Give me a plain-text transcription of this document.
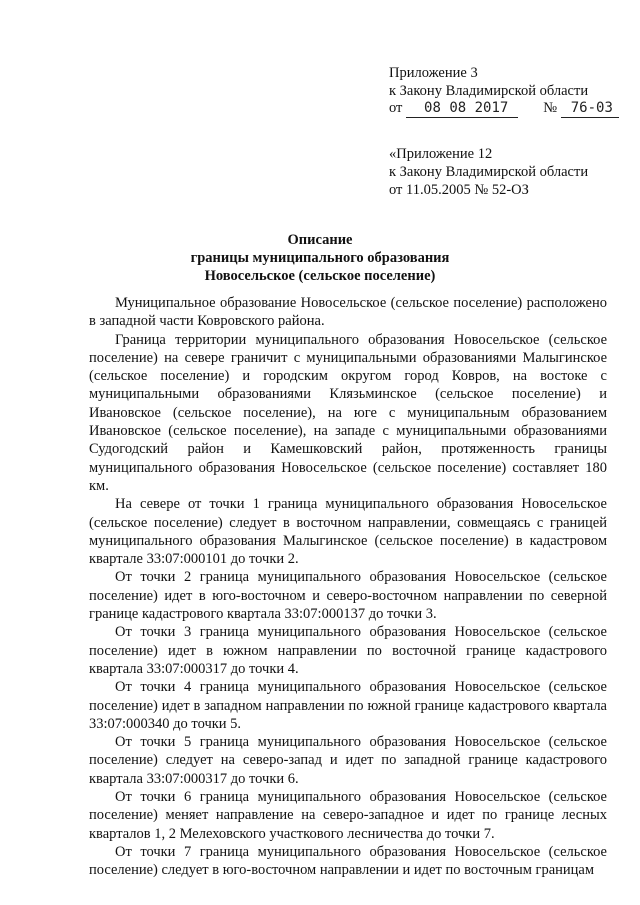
Приложение 3
к Закону Владимирской области
от 08 08 2017 № 76-03
«Приложение 12
к Закону Владимирской области
от 11.05.2005 № 52-ОЗ
Описание
границы муниципального образования
Новосельское (сельское поселение)

Муниципальное образование Новосельское (сельское поселение) расположено в западной части Ковровского района.

Граница территории муниципального образования Новосельское (сельское поселение) на севере граничит с муниципальными образованиями Малыгинское (сельское поселение) и городским округом город Ковров, на востоке с муниципальными образованиями Клязьминское (сельское поселение) и Ивановское (сельское поселение), на юге с муниципальным образованием Ивановское (сельское поселение), на западе с муниципальными образованиями Судогодский район и Камешковский район, протяженность границы муниципального образования Новосельское (сельское поселение) составляет 180 км.

На севере от точки 1 граница муниципального образования Новосельское (сельское поселение) следует в восточном направлении, совмещаясь с границей муниципального образования Малыгинское (сельское поселение) в кадастровом квартале 33:07:000101 до точки 2.

От точки 2 граница муниципального образования Новосельское (сельское поселение) идет в юго-восточном и северо-восточном направлении по северной границе кадастрового квартала 33:07:000137 до точки 3.

От точки 3 граница муниципального образования Новосельское (сельское поселение) идет в южном направлении по восточной границе кадастрового квартала 33:07:000317 до точки 4.

От точки 4 граница муниципального образования Новосельское (сельское поселение) идет в западном направлении по южной границе кадастрового квартала 33:07:000340 до точки 5.

От точки 5 граница муниципального образования Новосельское (сельское поселение) следует на северо-запад и идет по западной границе кадастрового квартала 33:07:000317 до точки 6.

От точки 6 граница муниципального образования Новосельское (сельское поселение) меняет направление на северо-западное и идет по границе лесных кварталов 1, 2 Мелеховского участкового лесничества до точки 7.

От точки 7 граница муниципального образования Новосельское (сельское поселение) следует в юго-восточном направлении и идет по восточным границам
